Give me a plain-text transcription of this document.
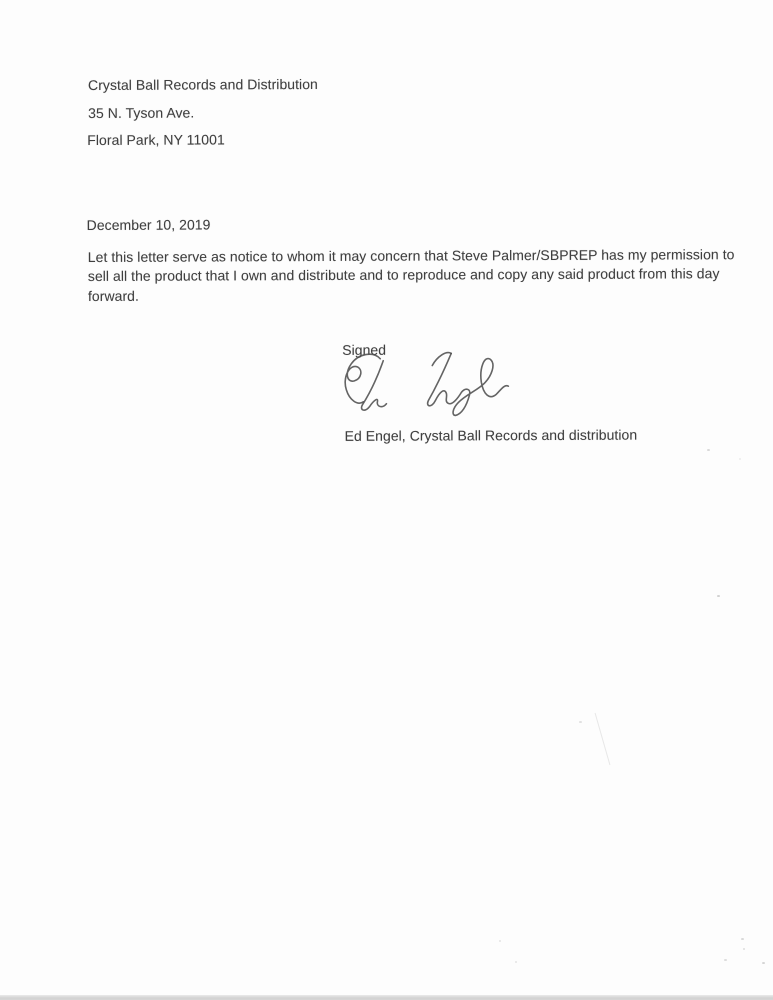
Crystal Ball Records and Distribution
35 N. Tyson Ave.
Floral Park, NY 11001
December 10, 2019
Let this letter serve as notice to whom it may concern that Steve Palmer/SBPREP has my permission to
sell all the product that I own and distribute and to reproduce and copy any said product from this day
forward.
Signed
Ed Engel, Crystal Ball Records and distribution
